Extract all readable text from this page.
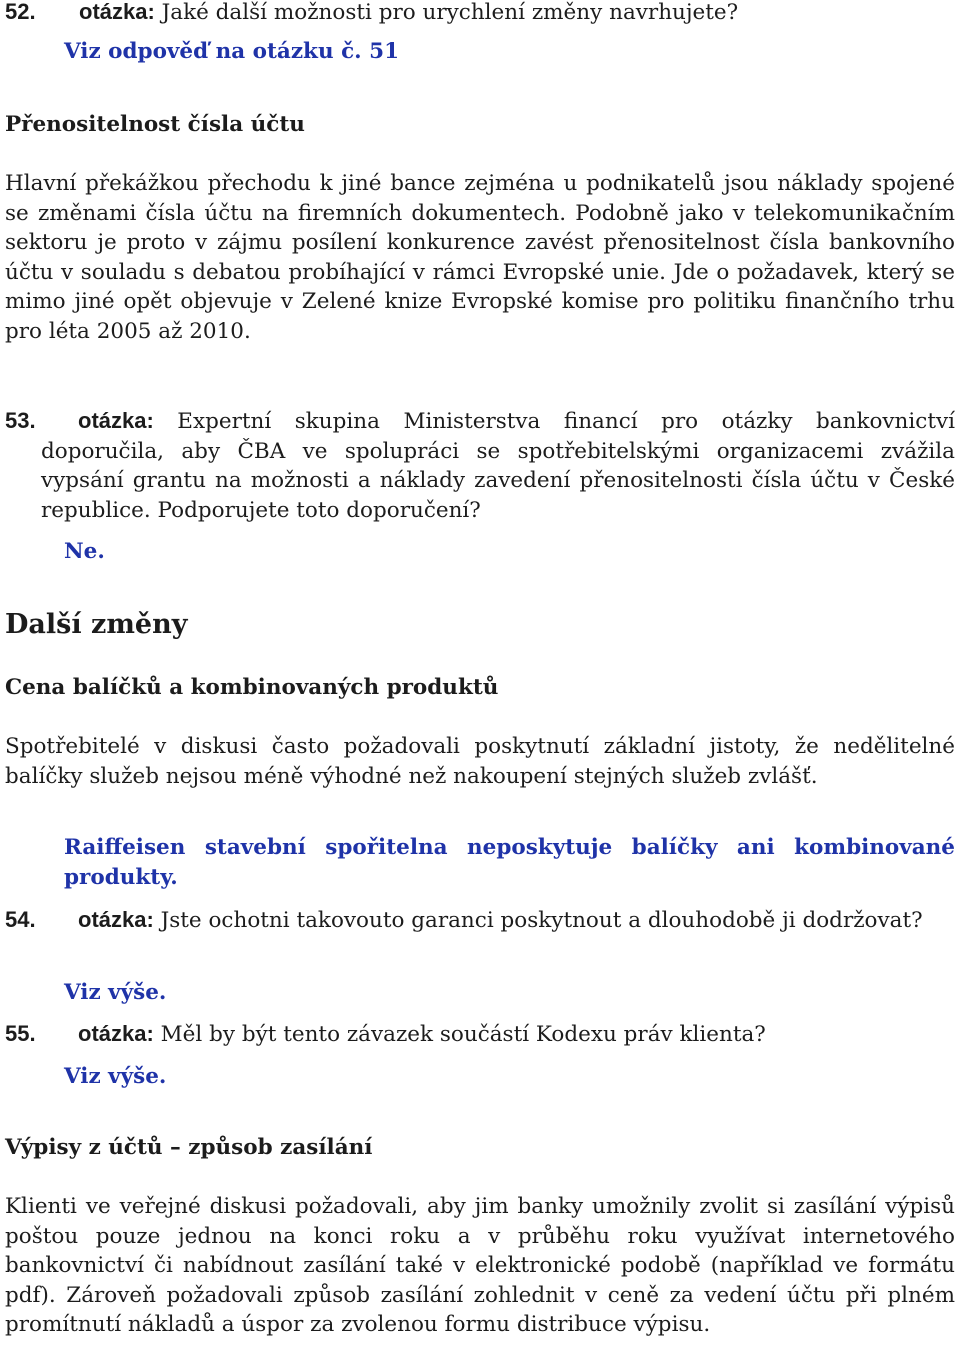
52.	otázka: Jaké další možnosti pro urychlení změny navrhujete?

Viz odpověď na otázku č. 51

Přenositelnost čísla účtu

Hlavní překážkou přechodu k jiné bance zejména u podnikatelů jsou náklady spojené se změnami čísla účtu na firemních dokumentech. Podobně jako v telekomunikačním sektoru je proto v zájmu posílení konkurence zavést přenositelnost čísla bankovního účtu v souladu s debatou probíhající v rámci Evropské unie. Jde o požadavek, který se mimo jiné opět objevuje v Zelené knize Evropské komise pro politiku finančního trhu pro léta 2005 až 2010.

53. otázka: Expertní skupina Ministerstva financí pro otázky bankovnictví doporučila, aby ČBA ve spolupráci se spotřebitelskými organizacemi zvážila vypsání grantu na možnosti a náklady zavedení přenositelnosti čísla účtu v České republice. Podporujete toto doporučení?

Ne.

Další změny

Cena balíčků a kombinovaných produktů

Spotřebitelé v diskusi často požadovali poskytnutí základní jistoty, že nedělitelné balíčky služeb nejsou méně výhodné než nakoupení stejných služeb zvlášť.

Raiffeisen stavební spořitelna neposkytuje balíčky ani kombinované produkty.

54. otázka: Jste ochotni takovouto garanci poskytnout a dlouhodobě ji dodržovat?

Viz výše.

55. otázka: Měl by být tento závazek součástí Kodexu práv klienta?

Viz výše.

Výpisy z účtů – způsob zasílání

Klienti ve veřejné diskusi požadovali, aby jim banky umožnily zvolit si zasílání výpisů poštou pouze jednou na konci roku a v průběhu roku využívat internetového bankovnictví či nabídnout zasílání také v elektronické podobě (například ve formátu pdf). Zároveň požadovali způsob zasílání zohlednit v ceně za vedení účtu při plném promítnutí nákladů a úspor za zvolenou formu distribuce výpisu.
